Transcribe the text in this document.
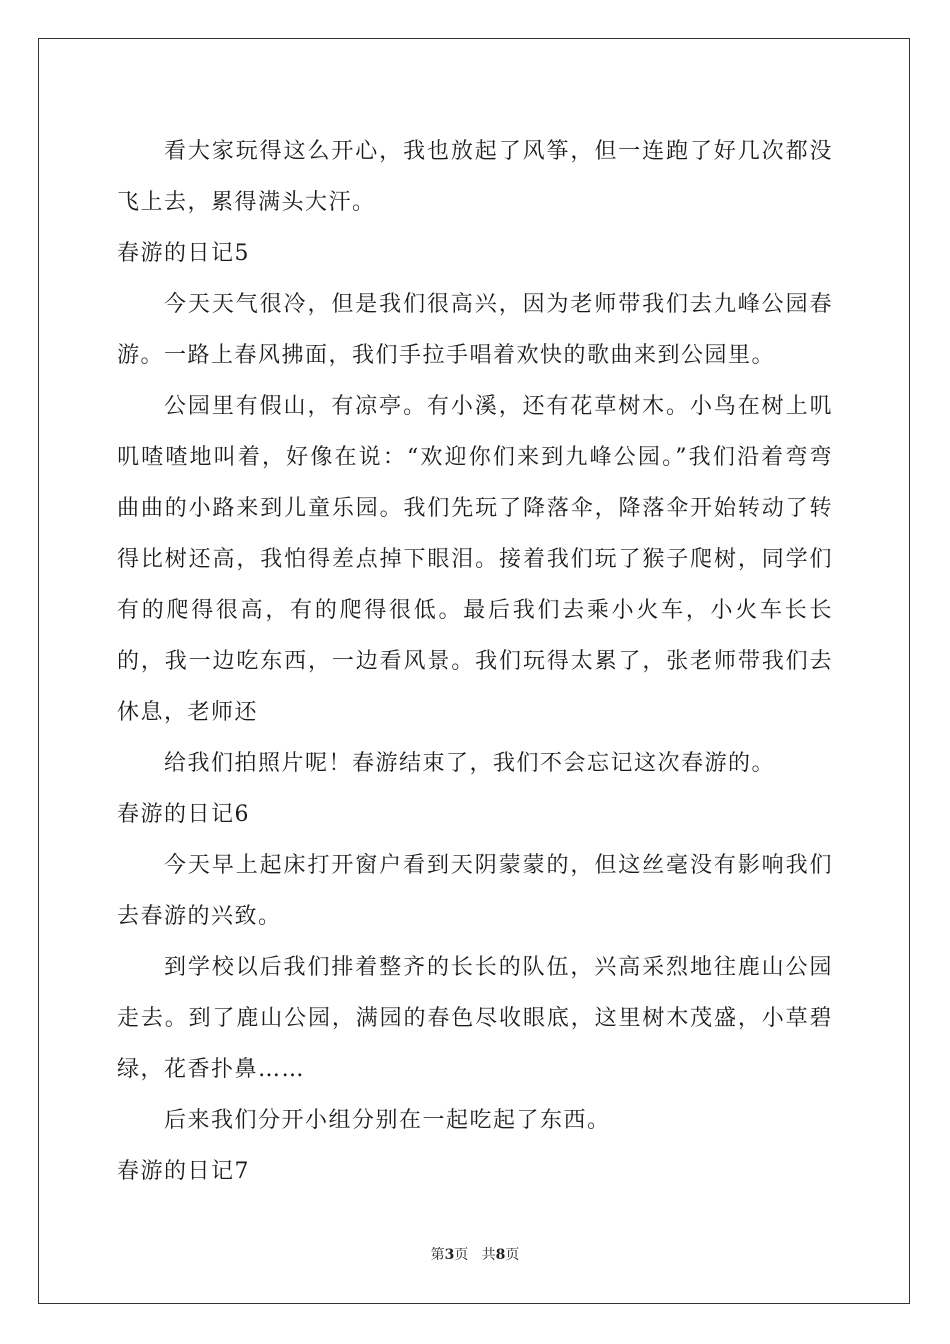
看大家玩得这么开心，我也放起了风筝，但一连跑了好几次都没飞上去，累得满头大汗。

春游的日记5

今天天气很冷，但是我们很高兴，因为老师带我们去九峰公园春游。一路上春风拂面，我们手拉手唱着欢快的歌曲来到公园里。

公园里有假山，有凉亭。有小溪，还有花草树木。小鸟在树上叽叽喳喳地叫着，好像在说：“欢迎你们来到九峰公园。”我们沿着弯弯曲曲的小路来到儿童乐园。我们先玩了降落伞，降落伞开始转动了转得比树还高，我怕得差点掉下眼泪。接着我们玩了猴子爬树，同学们有的爬得很高，有的爬得很低。最后我们去乘小火车，小火车长长的，我一边吃东西，一边看风景。我们玩得太累了，张老师带我们去休息，老师还

给我们拍照片呢！春游结束了，我们不会忘记这次春游的。

春游的日记6

今天早上起床打开窗户看到天阴蒙蒙的，但这丝毫没有影响我们去春游的兴致。

到学校以后我们排着整齐的长长的队伍，兴高采烈地往鹿山公园走去。到了鹿山公园，满园的春色尽收眼底，这里树木茂盛，小草碧绿，花香扑鼻……

后来我们分开小组分别在一起吃起了东西。

春游的日记7

第3页 共8页
